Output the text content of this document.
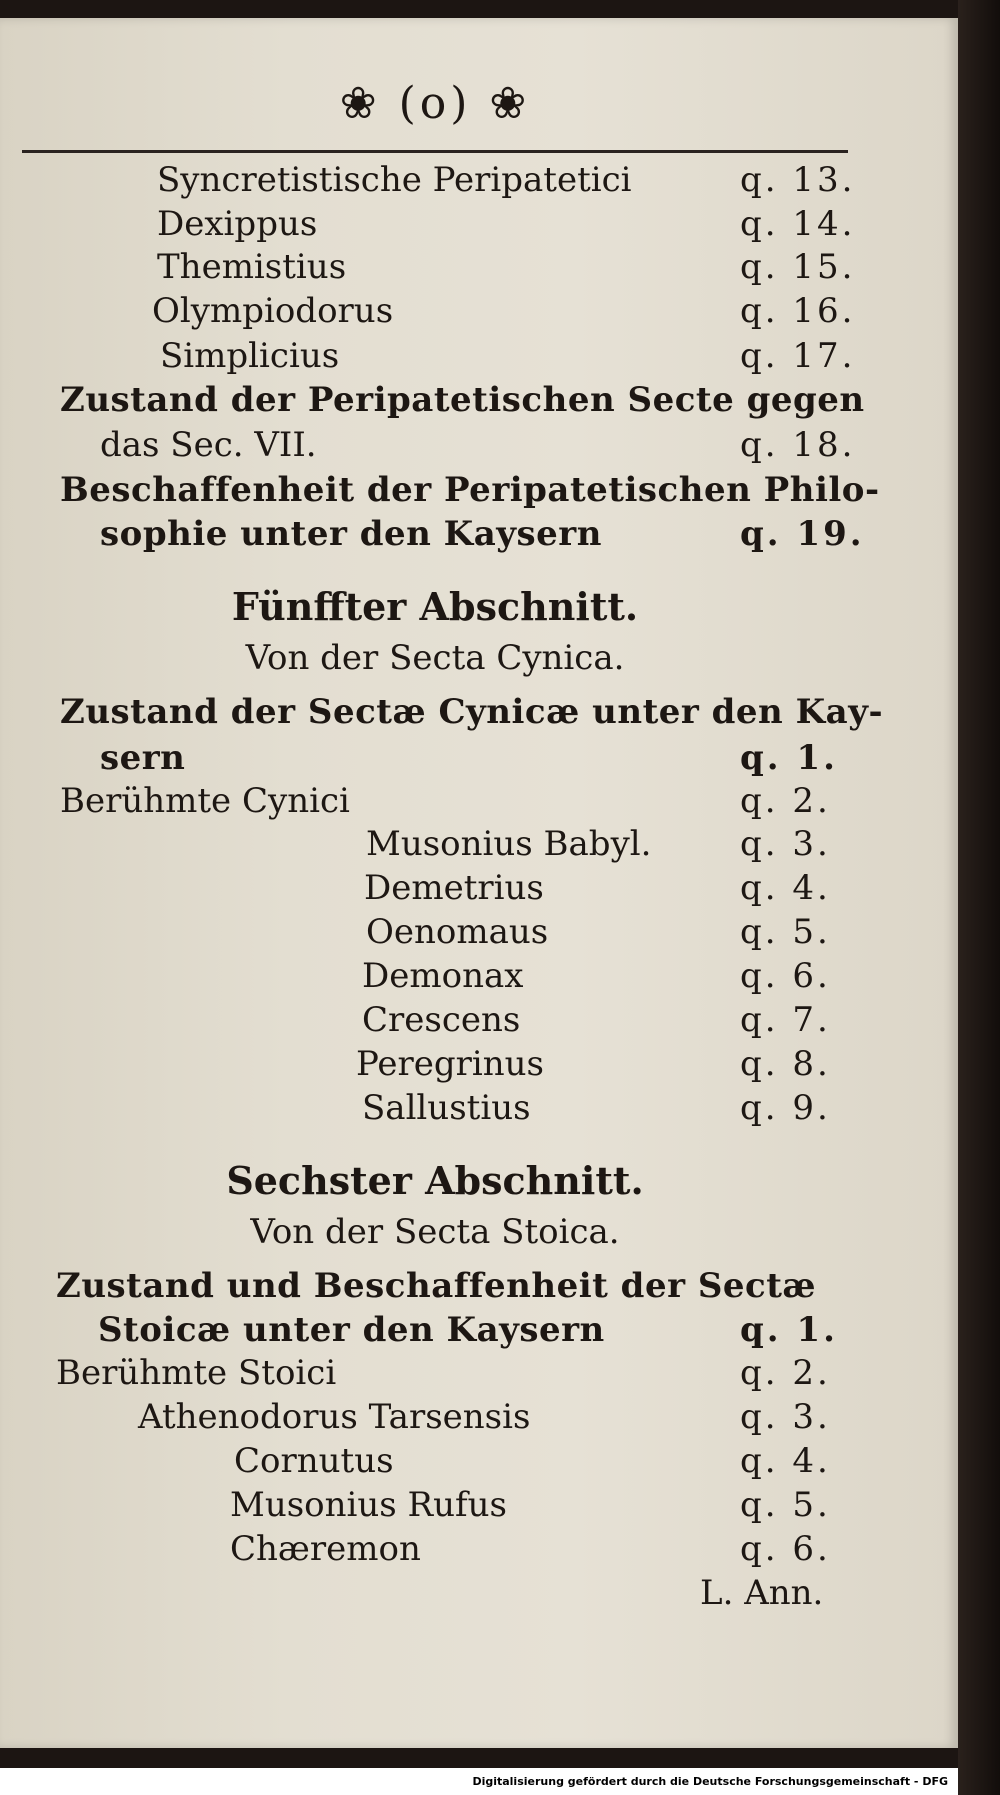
❀ (o) ❀
Syncretistische Peripatetici	q. 13.
Dexippus	q. 14.
Themistius	q. 15.
Olympiodorus	q. 16.
Simplicius	q. 17.
Zustand der Peripatetischen Secte gegen
das Sec. VII.	q. 18.
Beschaffenheit der Peripatetischen Philo-
sophie unter den Kaysern	q. 19.
Fünffter Abschnitt.
Von der Secta Cynica.
Zustand der Sectæ Cynicæ unter den Kay-
sern	q. 1.
Berühmte Cynici	q. 2.
Musonius Babyl.	q. 3.
Demetrius	q. 4.
Oenomaus	q. 5.
Demonax	q. 6.
Crescens	q. 7.
Peregrinus	q. 8.
Sallustius	q. 9.
Sechster Abschnitt.
Von der Secta Stoica.
Zustand und Beschaffenheit der Sectæ
Stoicæ unter den Kaysern	q. 1.
Berühmte Stoici	q. 2.
Athenodorus Tarsensis	q. 3.
Cornutus	q. 4.
Musonius Rufus	q. 5.
Chæremon	q. 6.
L. Ann.
Digitalisierung gefördert durch die Deutsche Forschungsgemeinschaft - DFG
